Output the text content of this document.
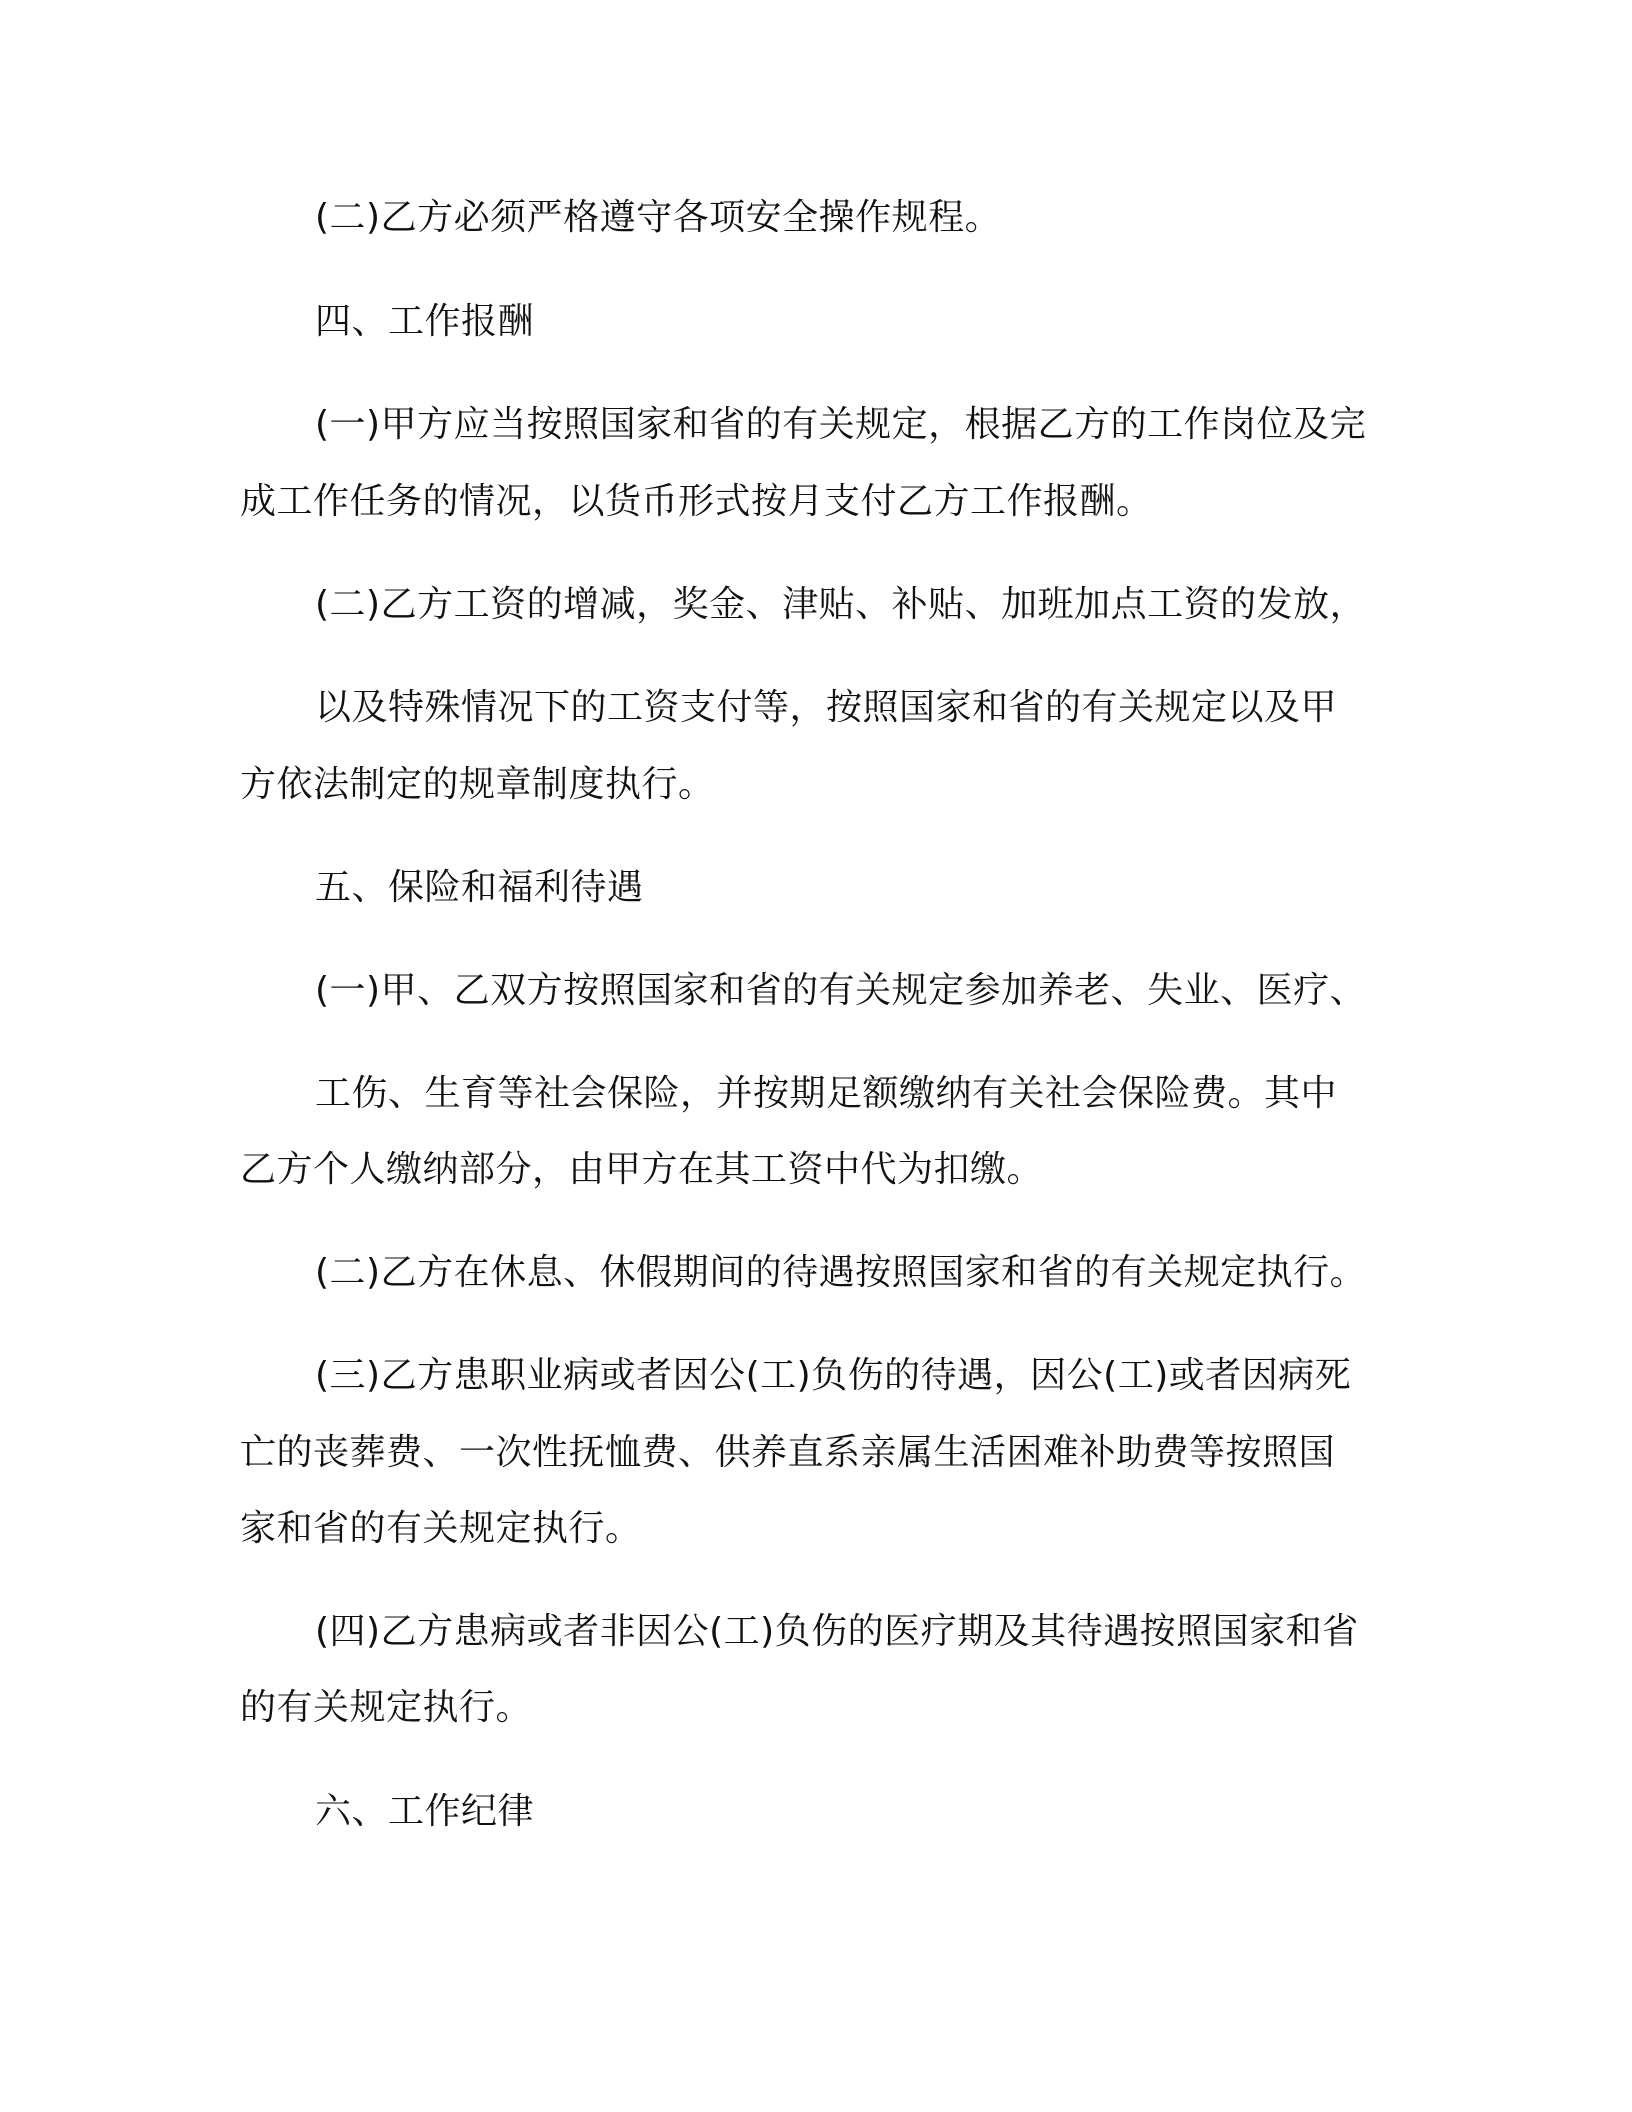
(二)乙方必须严格遵守各项安全操作规程。
四、工作报酬
(一)甲方应当按照国家和省的有关规定，根据乙方的工作岗位及完
成工作任务的情况，以货币形式按月支付乙方工作报酬。
(二)乙方工资的增减，奖金、津贴、补贴、加班加点工资的发放，
以及特殊情况下的工资支付等，按照国家和省的有关规定以及甲
方依法制定的规章制度执行。
五、保险和福利待遇
(一)甲、乙双方按照国家和省的有关规定参加养老、失业、医疗、
工伤、生育等社会保险，并按期足额缴纳有关社会保险费。其中
乙方个人缴纳部分，由甲方在其工资中代为扣缴。
(二)乙方在休息、休假期间的待遇按照国家和省的有关规定执行。
(三)乙方患职业病或者因公(工)负伤的待遇，因公(工)或者因病死
亡的丧葬费、一次性抚恤费、供养直系亲属生活困难补助费等按照国
家和省的有关规定执行。
(四)乙方患病或者非因公(工)负伤的医疗期及其待遇按照国家和省
的有关规定执行。
六、工作纪律
